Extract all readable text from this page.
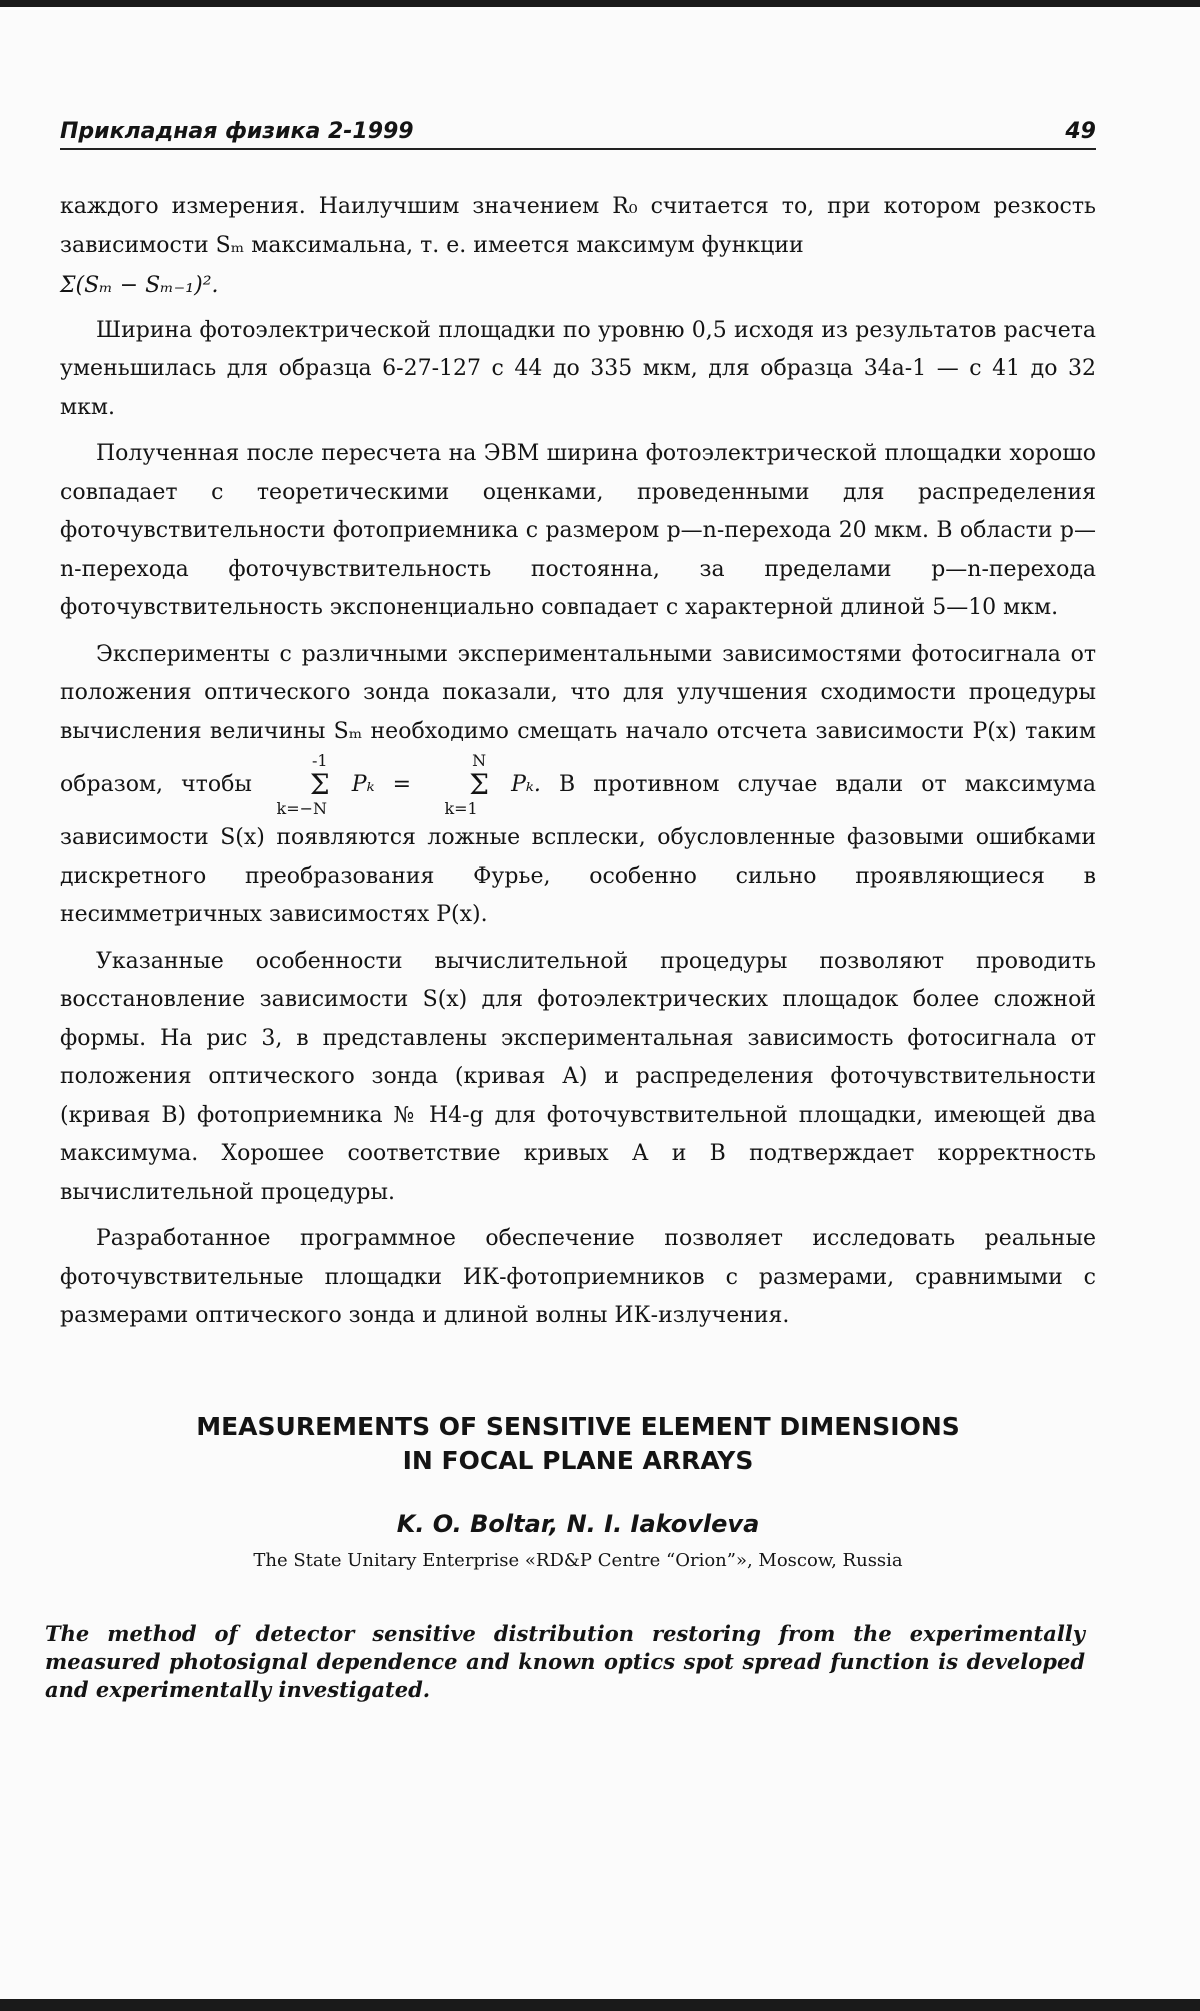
Прикладная физика 2-1999	49

каждого измерения. Наилучшим значением R₀ считается то, при котором резкость зависимости Sₘ максимальна, т. е. имеется максимум функции

Σ(Sₘ − Sₘ₋₁)².

Ширина фотоэлектрической площадки по уровню 0,5 исходя из результатов расчета уменьшилась для образца 6-27-127 с 44 до 335 мкм, для образца 34а-1 — с 41 до 32 мкм.

Полученная после пересчета на ЭВМ ширина фотоэлектрической площадки хорошо совпадает с теоретическими оценками, проведенными для распределения фоточувствительности фотоприемника с размером p—n-перехода 20 мкм. В области p—n-перехода фоточувствительность постоянна, за пределами p—n-перехода фоточувствительность экспоненциально совпадает с характерной длиной 5—10 мкм.

Эксперименты с различными экспериментальными зависимостями фотосигнала от положения оптического зонда показали, что для улучшения сходимости процедуры вычисления величины Sₘ необходимо смещать начало отсчета зависимости P(x) таким образом, чтобы -1
Σ
k=−N Pₖ = N
Σ
k=1 Pₖ. В противном случае вдали от максимума зависимости S(x) появляются ложные всплески, обусловленные фазовыми ошибками дискретного преобразования Фурье, особенно сильно проявляющиеся в несимметричных зависимостях P(x).

Указанные особенности вычислительной процедуры позволяют проводить восстановление зависимости S(x) для фотоэлектрических площадок более сложной формы. На рис 3, в представлены экспериментальная зависимость фотосигнала от положения оптического зонда (кривая А) и распределения фоточувствительности (кривая В) фотоприемника № H4-g для фоточувствительной площадки, имеющей два максимума. Хорошее соответствие кривых А и В подтверждает корректность вычислительной процедуры.

Разработанное программное обеспечение позволяет исследовать реальные фоточувствительные площадки ИК-фотоприемников с размерами, сравнимыми с размерами оптического зонда и длиной волны ИК-излучения.

MEASUREMENTS OF SENSITIVE ELEMENT DIMENSIONS
IN FOCAL PLANE ARRAYS
K. O. Boltar, N. I. Iakovleva
The State Unitary Enterprise «RD&P Centre “Orion”», Moscow, Russia
The method of detector sensitive distribution restoring from the experimentally measured photosignal dependence and known optics spot spread function is developed and experimentally investigated.
